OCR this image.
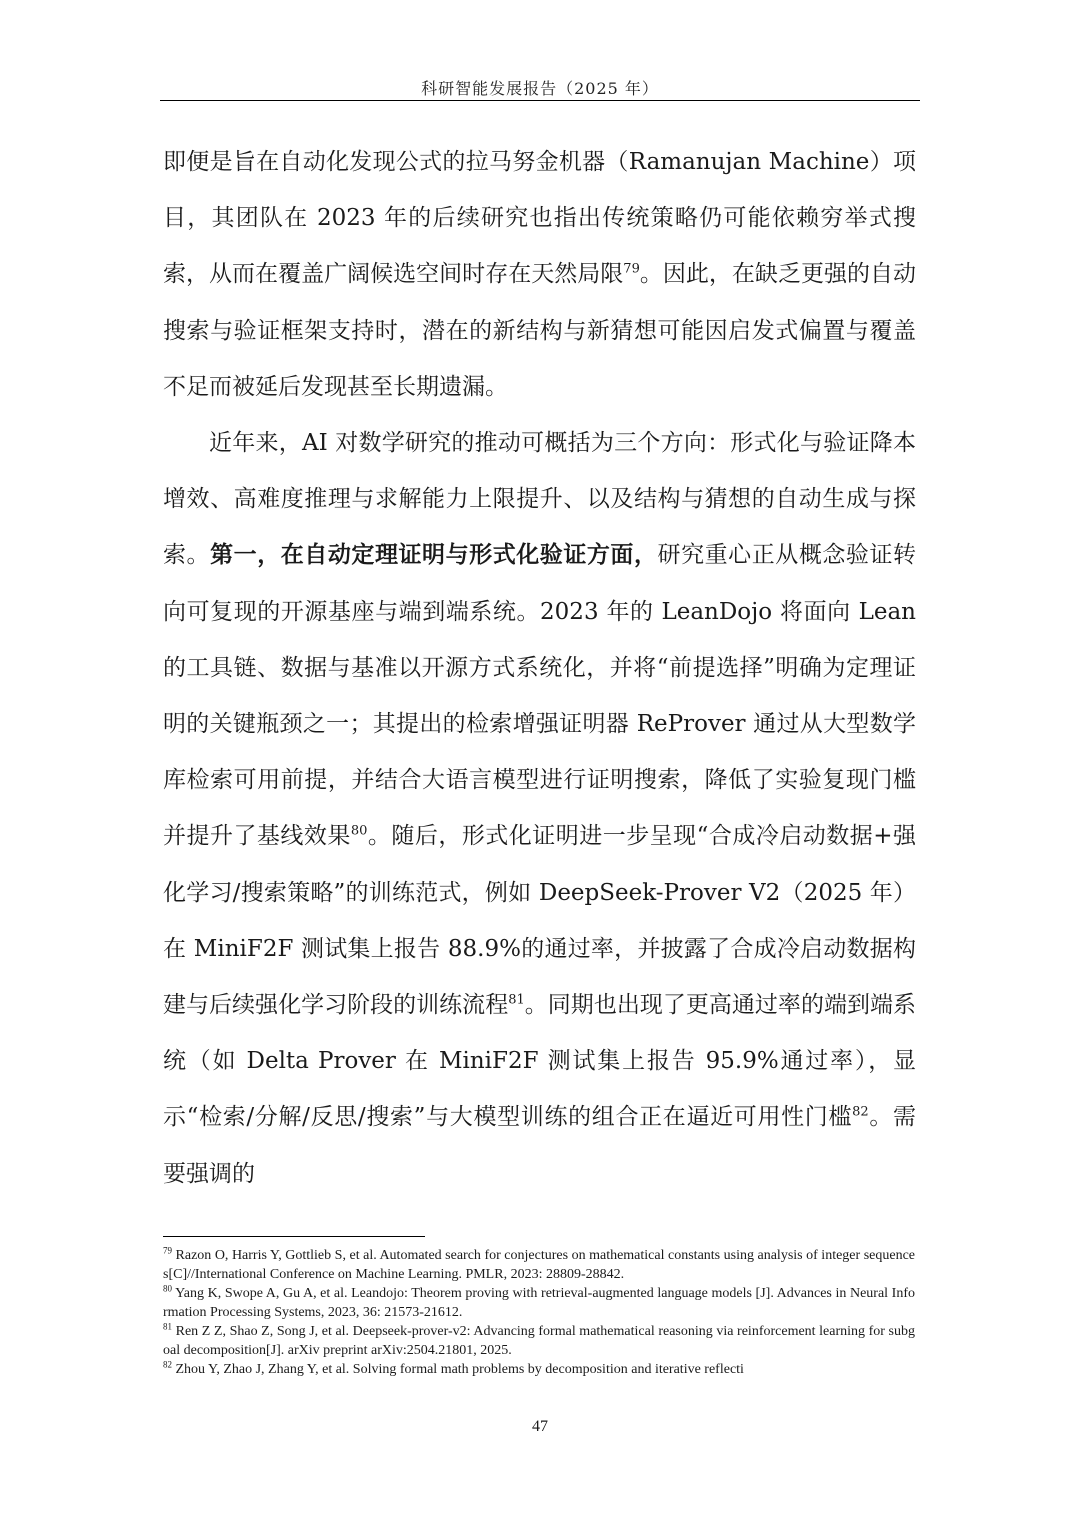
科研智能发展报告（2025 年）

即便是旨在自动化发现公式的拉马努金机器（Ramanujan Machine）项目，其团队在 2023 年的后续研究也指出传统策略仍可能依赖穷举式搜索，从而在覆盖广阔候选空间时存在天然局限$^{79}$。因此，在缺乏更强的自动搜索与验证框架支持时，潜在的新结构与新猜想可能因启发式偏置与覆盖不足而被延后发现甚至长期遗漏。

近年来，AI 对数学研究的推动可概括为三个方向：形式化与验证降本增效、高难度推理与求解能力上限提升、以及结构与猜想的自动生成与探索。第一，在自动定理证明与形式化验证方面，研究重心正从概念验证转向可复现的开源基座与端到端系统。2023 年的 LeanDojo 将面向 Lean 的工具链、数据与基准以开源方式系统化，并将“前提选择”明确为定理证明的关键瓶颈之一；其提出的检索增强证明器 ReProver 通过从大型数学库检索可用前提，并结合大语言模型进行证明搜索，降低了实验复现门槛并提升了基线效果$^{80}$。随后，形式化证明进一步呈现“合成冷启动数据+强化学习/搜索策略”的训练范式，例如 DeepSeek-Prover V2（2025 年）在 MiniF2F 测试集上报告 88.9%的通过率，并披露了合成冷启动数据构建与后续强化学习阶段的训练流程$^{81}$。同期也出现了更高通过率的端到端系统（如 Delta Prover 在 MiniF2F 测试集上报告 95.9%通过率），显示“检索/分解/反思/搜索”与大模型训练的组合正在逼近可用性门槛$^{82}$。需要强调的

$^{79}$ Razon O, Harris Y, Gottlieb S, et al. Automated search for conjectures on mathematical constants using analysis of integer sequences[C]//International Conference on Machine Learning. PMLR, 2023: 28809-28842.

$^{80}$ Yang K, Swope A, Gu A, et al. Leandojo: Theorem proving with retrieval-augmented language models [J]. Advances in Neural Information Processing Systems, 2023, 36: 21573-21612.

$^{81}$ Ren Z Z, Shao Z, Song J, et al. Deepseek-prover-v2: Advancing formal mathematical reasoning via reinforcement learning for subgoal decomposition[J]. arXiv preprint arXiv:2504.21801, 2025.

$^{82}$ Zhou Y, Zhao J, Zhang Y, et al. Solving formal math problems by decomposition and iterative reflecti

47
